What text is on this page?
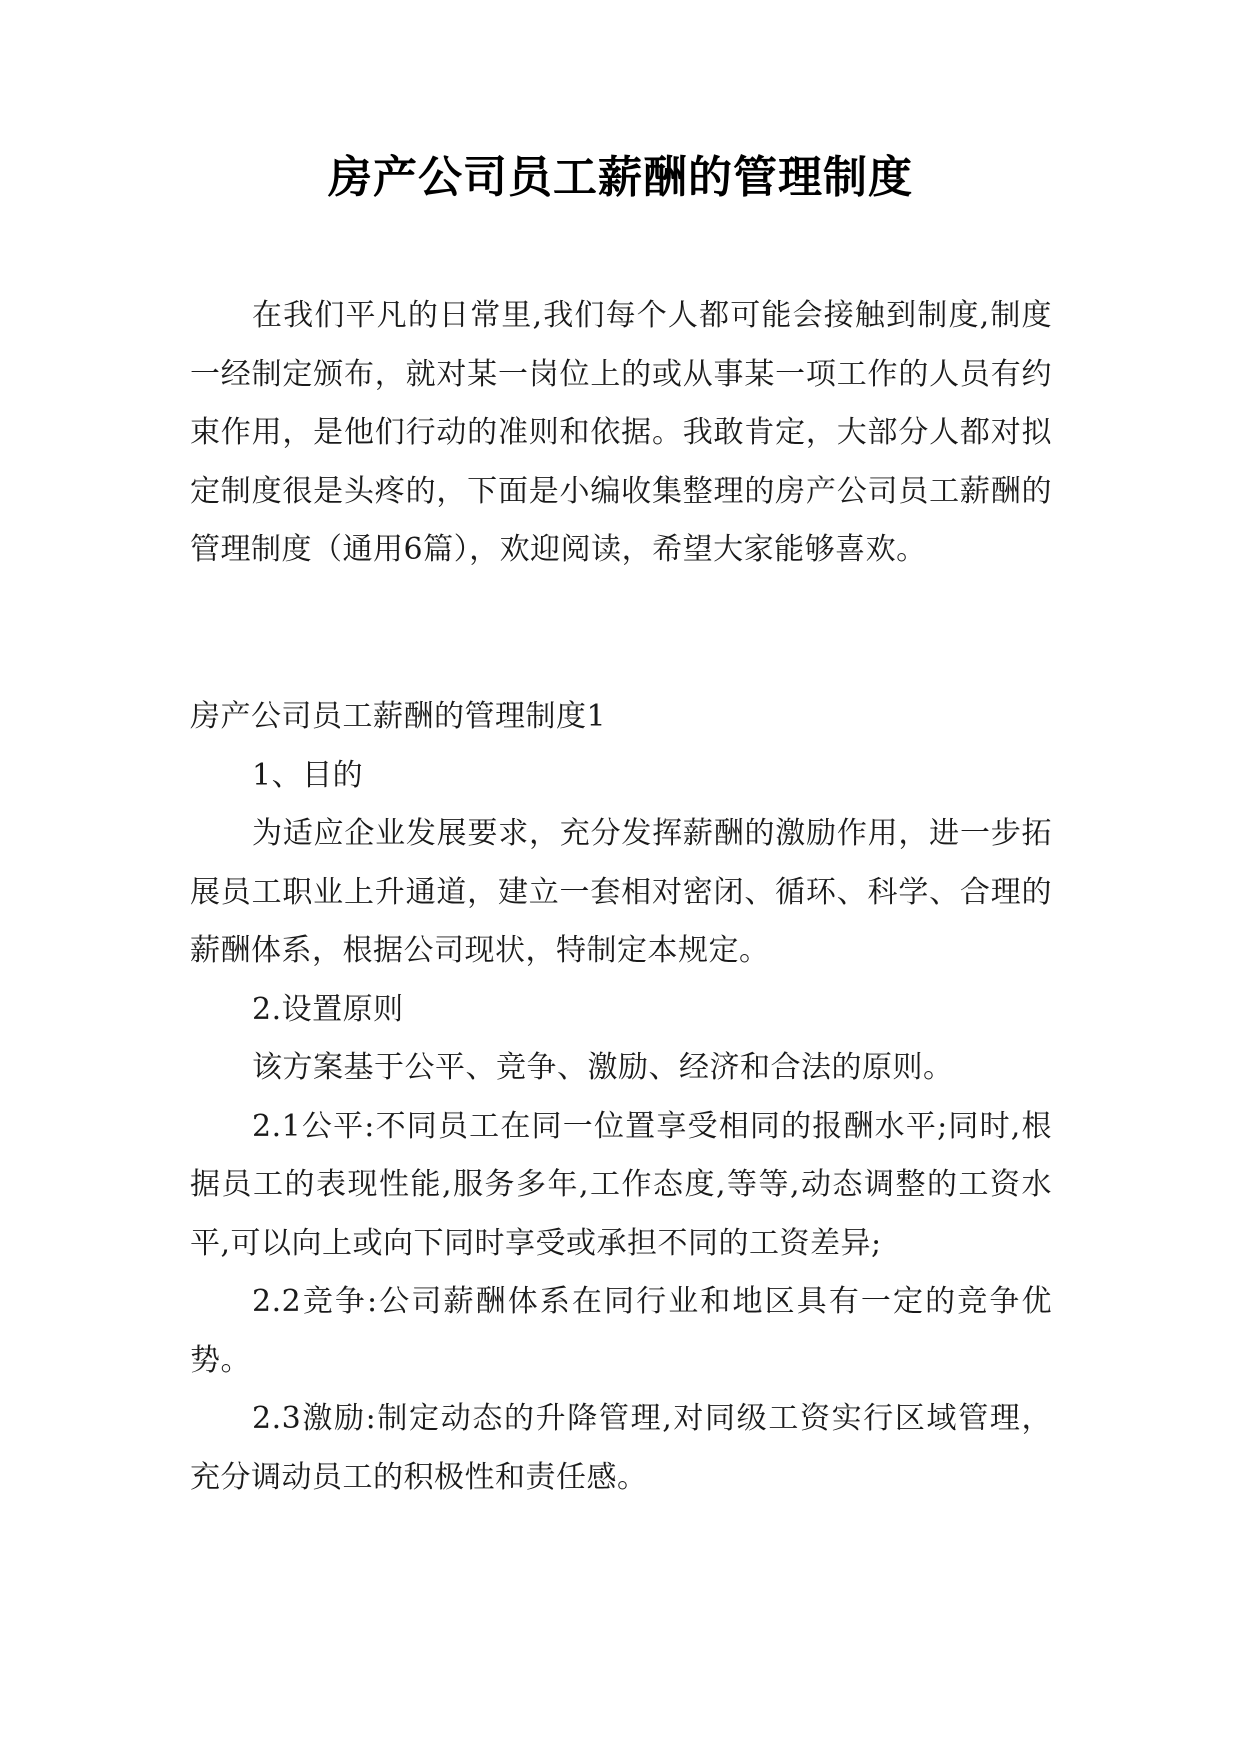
房产公司员工薪酬的管理制度

在我们平凡的日常里,我们每个人都可能会接触到制度,制度一经制定颁布，就对某一岗位上的或从事某一项工作的人员有约束作用，是他们行动的准则和依据。我敢肯定，大部分人都对拟定制度很是头疼的，下面是小编收集整理的房产公司员工薪酬的管理制度（通用6篇），欢迎阅读，希望大家能够喜欢。

房产公司员工薪酬的管理制度1

1、目的

为适应企业发展要求，充分发挥薪酬的激励作用，进一步拓展员工职业上升通道，建立一套相对密闭、循环、科学、合理的薪酬体系，根据公司现状，特制定本规定。

2.设置原则

该方案基于公平、竞争、激励、经济和合法的原则。

2.1公平:不同员工在同一位置享受相同的报酬水平;同时,根据员工的表现性能,服务多年,工作态度,等等,动态调整的工资水平,可以向上或向下同时享受或承担不同的工资差异;

2.2竞争:公司薪酬体系在同行业和地区具有一定的竞争优势。

2.3激励:制定动态的升降管理,对同级工资实行区域管理，充分调动员工的积极性和责任感。
